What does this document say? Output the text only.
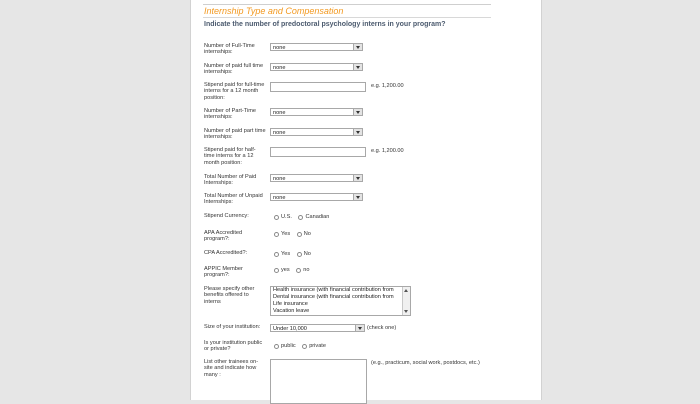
Internship Type and Compensation
Indicate the number of predoctoral psychology interns in your program?
Number of Full-Time internships:
none
Number of paid full time internships:
none
Stipend paid for full-time interns for a 12 month position:
e.g. 1,200.00
Number of Part-Time internships:
none
Number of paid part time internships:
none
Stipend paid for half-time interns for a 12 month position:
e.g. 1,200.00
Total Number of Paid Internships:
none
Total Number of Unpaid Internships:
none
Stipend Currency:	U.S. Canadian
APA Accredited program?:
Yes No
CPA Accredited?:	Yes No
APPIC Member program?:
yes no
Please specify other benefits offered to interns
Health insurance (with financial contribution from
Dental insurance (with financial contribution from
Life insurance
Vacation leave
Size of your institution:	Under 10,000	(check one)
Is your institution public or private?
public private
List other trainees on-site and indicate how many :
(e.g., practicum, social work, postdocs, etc.)
